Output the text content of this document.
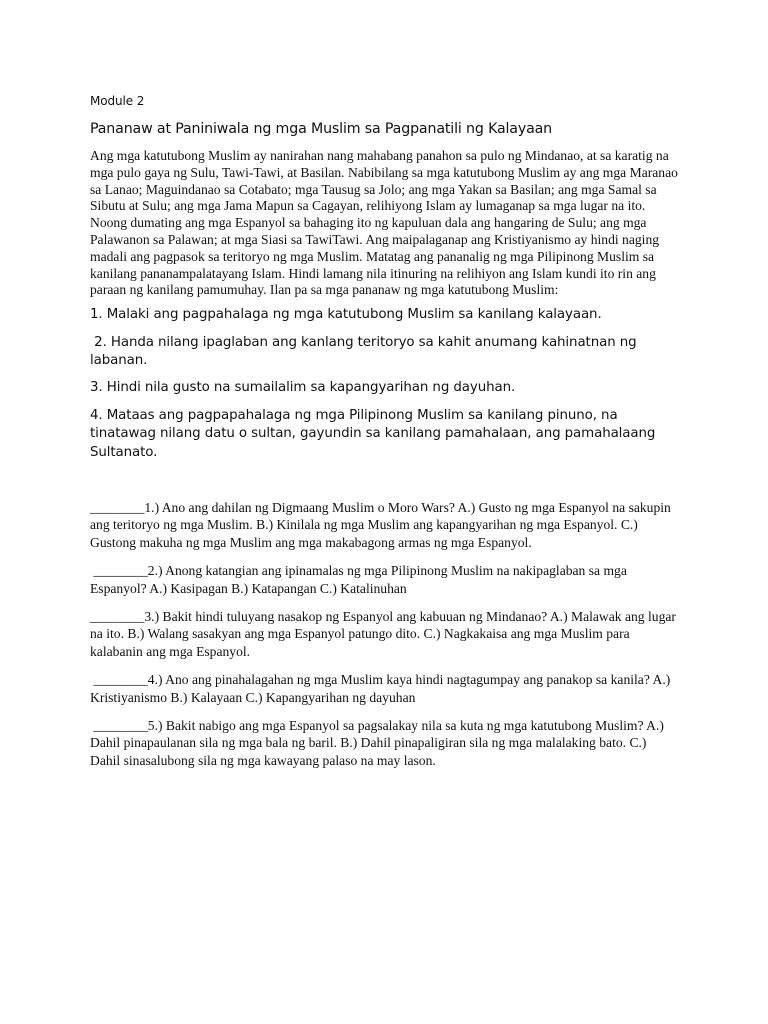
Module 2

Pananaw at Paniniwala ng mga Muslim sa Pagpanatili ng Kalayaan

Ang mga katutubong Muslim ay nanirahan nang mahabang panahon sa pulo ng Mindanao, at sa karatig na mga pulo gaya ng Sulu, Tawi-Tawi, at Basilan. Nabibilang sa mga katutubong Muslim ay ang mga Maranao sa Lanao; Maguindanao sa Cotabato; mga Tausug sa Jolo; ang mga Yakan sa Basilan; ang mga Samal sa Sibutu at Sulu; ang mga Jama Mapun sa Cagayan, relihiyong Islam ay lumaganap sa mga lugar na ito. Noong dumating ang mga Espanyol sa bahaging ito ng kapuluan dala ang hangaring de Sulu; ang mga Palawanon sa Palawan; at mga Siasi sa TawiTawi. Ang maipalaganap ang Kristiyanismo ay hindi naging madali ang pagpasok sa teritoryo ng mga Muslim. Matatag ang pananalig ng mga Pilipinong Muslim sa kanilang pananampalatayang Islam. Hindi lamang nila itinuring na relihiyon ang Islam kundi ito rin ang paraan ng kanilang pamumuhay. Ilan pa sa mga pananaw ng mga katutubong Muslim:

1. Malaki ang pagpahalaga ng mga katutubong Muslim sa kanilang kalayaan.

2. Handa nilang ipaglaban ang kanlang teritoryo sa kahit anumang kahinatnan ng labanan.

3. Hindi nila gusto na sumailalim sa kapangyarihan ng dayuhan.

4. Mataas ang pagpapahalaga ng mga Pilipinong Muslim sa kanilang pinuno, na tinatawag nilang datu o sultan, gayundin sa kanilang pamahalaan, ang pamahalaang Sultanato.

________1.) Ano ang dahilan ng Digmaang Muslim o Moro Wars? A.) Gusto ng mga Espanyol na sakupin ang teritoryo ng mga Muslim. B.) Kinilala ng mga Muslim ang kapangyarihan ng mga Espanyol. C.) Gustong makuha ng mga Muslim ang mga makabagong armas ng mga Espanyol.

________2.) Anong katangian ang ipinamalas ng mga Pilipinong Muslim na nakipaglaban sa mga Espanyol? A.) Kasipagan B.) Katapangan C.) Katalinuhan

________3.) Bakit hindi tuluyang nasakop ng Espanyol ang kabuuan ng Mindanao? A.) Malawak ang lugar na ito. B.) Walang sasakyan ang mga Espanyol patungo dito. C.) Nagkakaisa ang mga Muslim para kalabanin ang mga Espanyol.

________4.) Ano ang pinahalagahan ng mga Muslim kaya hindi nagtagumpay ang panakop sa kanila? A.) Kristiyanismo B.) Kalayaan C.) Kapangyarihan ng dayuhan

________5.) Bakit nabigo ang mga Espanyol sa pagsalakay nila sa kuta ng mga katutubong Muslim? A.) Dahil pinapaulanan sila ng mga bala ng baril. B.) Dahil pinapaligiran sila ng mga malalaking bato. C.) Dahil sinasalubong sila ng mga kawayang palaso na may lason.
